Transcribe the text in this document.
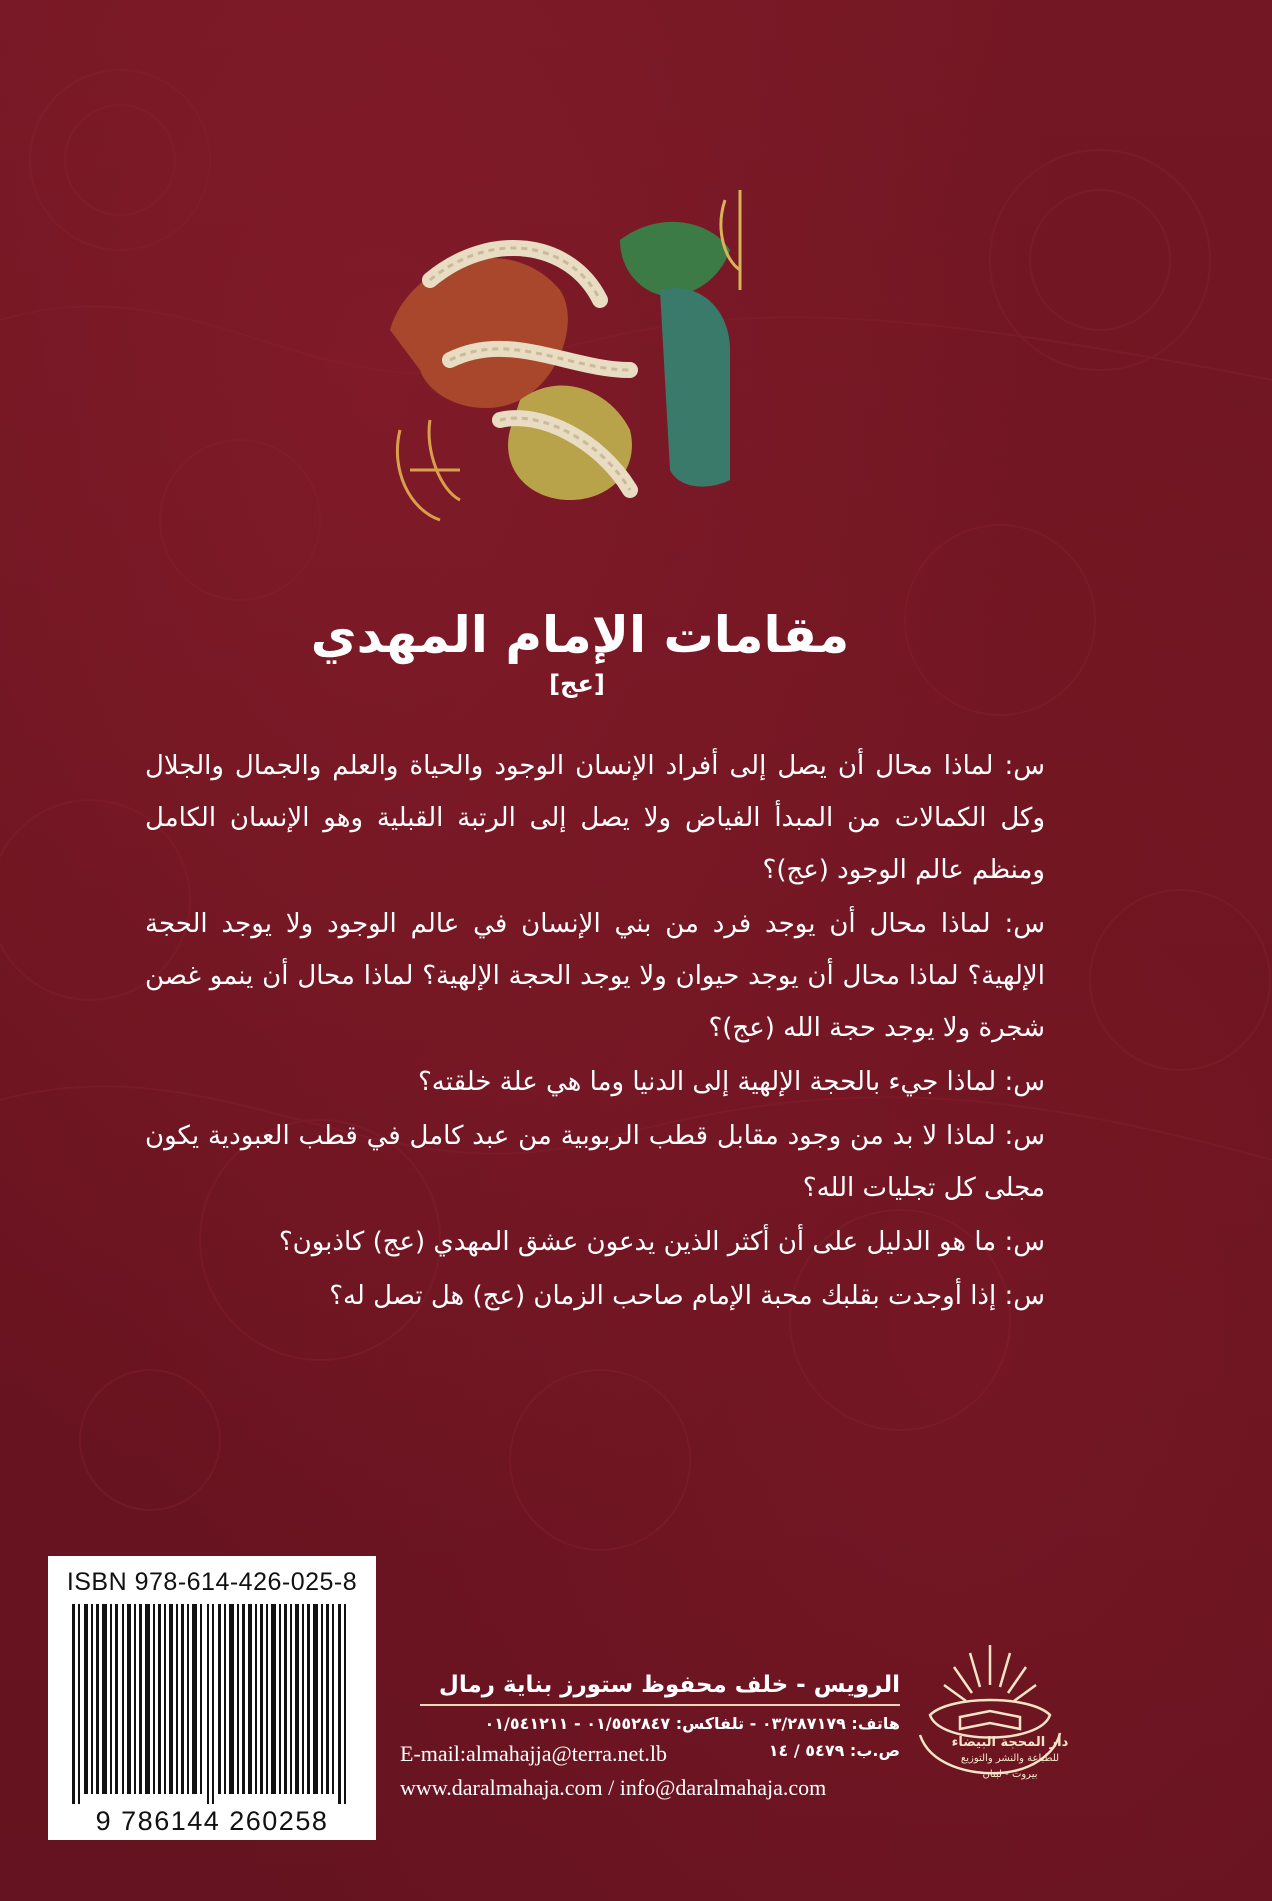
مقامات الإمام المهدي [عج]

س: لماذا محال أن يصل إلى أفراد الإنسان الوجود والحياة والعلم والجمال والجلال وكل الكمالات من المبدأ الفياض ولا يصل إلى الرتبة القبلية وهو الإنسان الكامل ومنظم عالم الوجود (عج)؟

س: لماذا محال أن يوجد فرد من بني الإنسان في عالم الوجود ولا يوجد الحجة الإلهية؟ لماذا محال أن يوجد حيوان ولا يوجد الحجة الإلهية؟ لماذا محال أن ينمو غصن شجرة ولا يوجد حجة الله (عج)؟

س: لماذا جيء بالحجة الإلهية إلى الدنيا وما هي علة خلقته؟

س: لماذا لا بد من وجود مقابل قطب الربوبية من عبد كامل في قطب العبودية يكون مجلى كل تجليات الله؟

س: ما هو الدليل على أن أكثر الذين يدعون عشق المهدي (عج) كاذبون؟

س: إذا أوجدت بقلبك محبة الإمام صاحب الزمان (عج) هل تصل له؟

ISBN 978-614-426-025-8
9 786144 260258
الرويس - خلف محفوظ ستورز بناية رمال
هاتف: ٠٣/٢٨٧١٧٩ - تلفاكس: ٠١/٥٥٢٨٤٧ - ٠١/٥٤١٢١١
E-mail:almahajja@terra.net.lb	ص.ب: ٥٤٧٩ / ١٤
www.daralmahaja.com / info@daralmahaja.com
دار المحجة البيضاء
للطباعة والنشر والتوزيع
بيروت - لبنان
